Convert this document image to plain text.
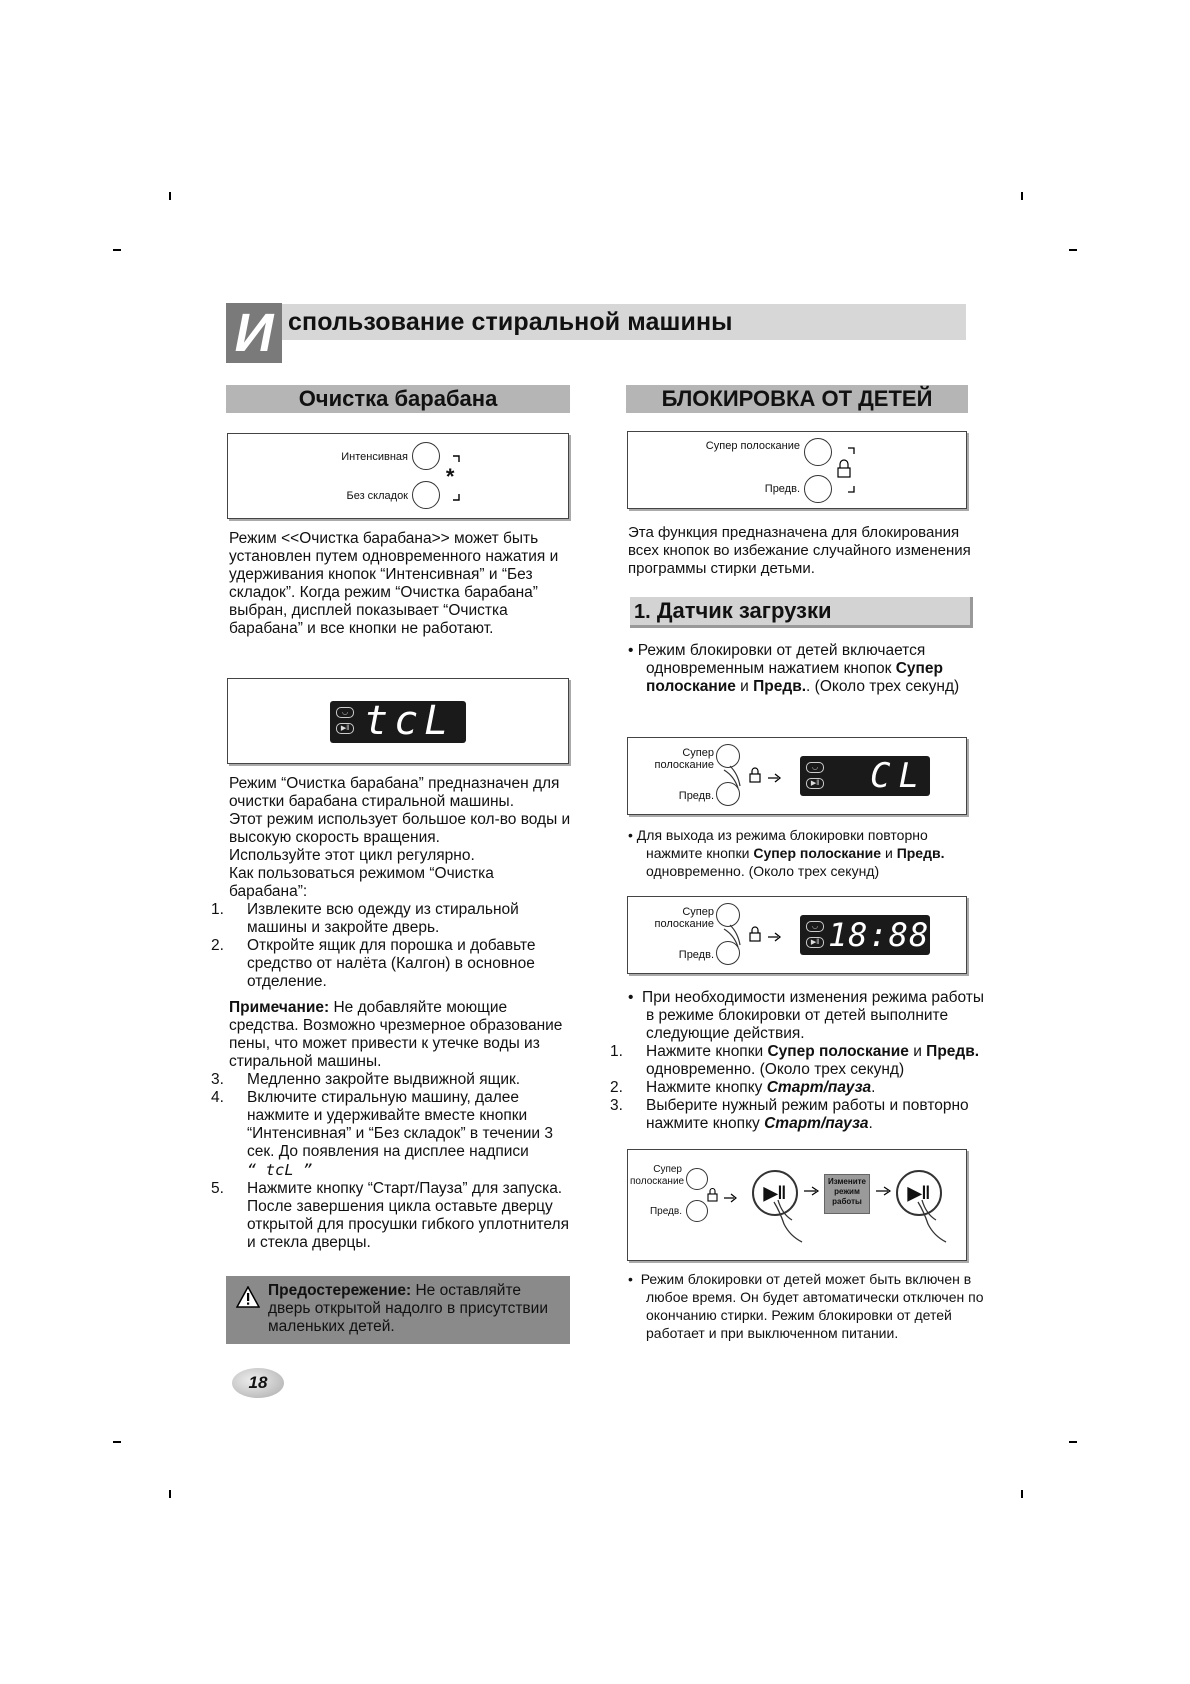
И спользование стиральной машины
Очистка барабана
Интенсивная
Без складок
*
Режим <<Очистка барабана>> может быть установлен путем одновременного нажатия и удерживания кнопок “Интенсивная” и “Без складок”. Когда режим “Очистка барабана” выбран, дисплей показывает “Очистка барабана” и все кнопки не работают.
◡
▶‖ tcL

Режим “Очистка барабана” предназначен для очистки барабана стиральной машины.

Этот режим использует большое кол-во воды и высокую скорость вращения.

Используйте этот цикл регулярно.

Как пользоваться режимом “Очистка барабана”:

1. Извлеките всю одежду из стиральной машины и закройте дверь.

2. Откройте ящик для порошка и добавьте средство от налёта (Калгон) в основное отделение.

Примечание: Не добавляйте моющие средства. Возможно чрезмерное образование пены, что может привести к утечке воды из стиральной машины.

3. Медленно закройте выдвижной ящик.

4. Включите стиральную машину, далее нажмите и удерживайте вместе кнопки “Интенсивная” и “Без складок” в течении 3 сек. До появления на дисплее надписи

“ tcL ”

5. Нажмите кнопку “Старт/Пауза” для запуска. После завершения цикла оставьте дверцу открытой для просушки гибкого уплотнителя и стекла дверцы.

Предостережение: Не оставляйте дверь открытой надолго в присутствии маленьких детей.
18
БЛОКИРОВКА ОТ ДЕТЕЙ
Супер полоскание
Предв.
Эта функция предназначена для блокирования всех кнопок во избежание случайного изменения программы стирки детьми.
1. Датчик загрузки
• Режим блокировки от детей включается одновременным нажатием кнопок Супер полоскание и Предв.. (Около трех секунд)
Супер полоскание
Предв.
◡
▶‖ CL
• Для выхода из режима блокировки повторно нажмите кнопки Супер полоскание и Предв. одновременно. (Около трех секунд)
Супер полоскание
Предв.
◡
▶‖ 18:88

•  При необходимости изменения режима работы в режиме блокировки от детей выполните следующие действия.

1. Нажмите кнопки Супер полоскание и Предв. одновременно. (Около трех секунд)

2. Нажмите кнопку Старт/пауза.

3. Выберите нужный режим работы и повторно нажмите кнопку Старт/пауза.

Супер полоскание
Предв.
▶‖
Измените режим работы	▶‖
•  Режим блокировки от детей может быть включен в любое время. Он будет автоматически отключен по окончанию стирки. Режим блокировки от детей работает и при выключенном питании.
